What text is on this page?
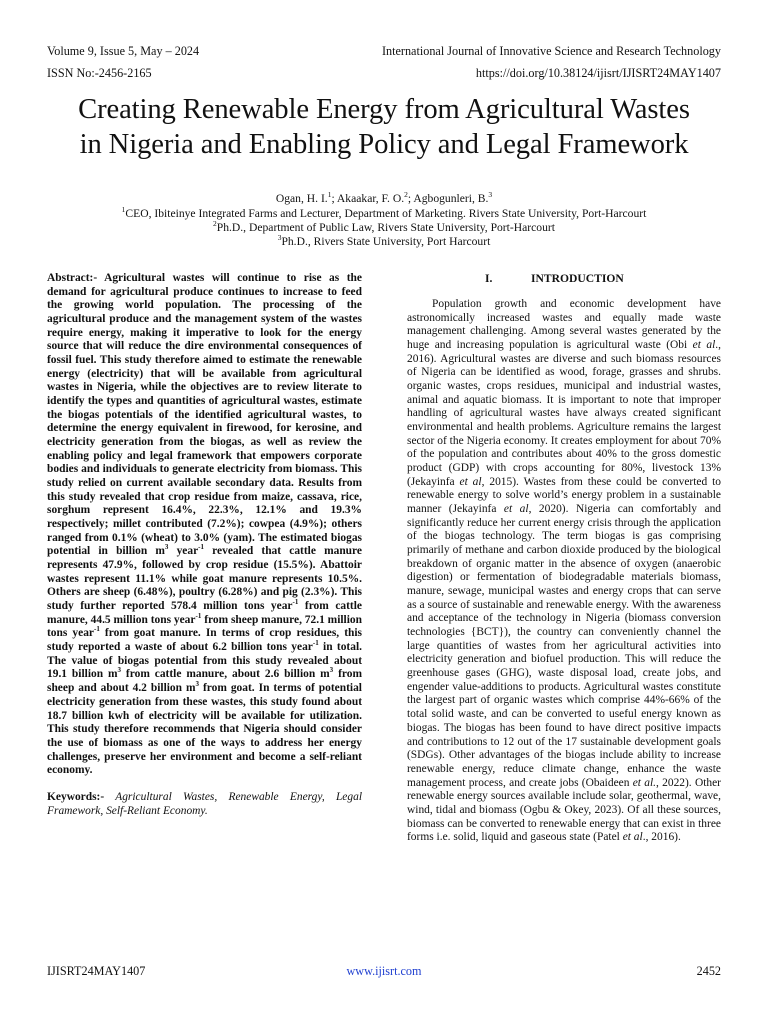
Volume 9, Issue 5, May – 2024	International Journal of Innovative Science and Research Technology
ISSN No:-2456-2165	https://doi.org/10.38124/ijisrt/IJISRT24MAY1407
Creating Renewable Energy from Agricultural Wastes
in Nigeria and Enabling Policy and Legal Framework
Ogan, H. I.$^1$; Akaakar, F. O.$^2$; Agbogunleri, B.$^3$
$^1$CEO, Ibiteinye Integrated Farms and Lecturer, Department of Marketing. Rivers State University, Port-Harcourt
$^2$Ph.D., Department of Public Law, Rivers State University, Port-Harcourt
$^3$Ph.D., Rivers State University, Port Harcourt

Abstract:- Agricultural wastes will continue to rise as the demand for agricultural produce continues to increase to feed the growing world population. The processing of the agricultural produce and the management system of the wastes require energy, making it imperative to look for the energy source that will reduce the dire environmental consequences of fossil fuel. This study therefore aimed to estimate the renewable energy (electricity) that will be available from agricultural wastes in Nigeria, while the objectives are to review literate to identify the types and quantities of agricultural wastes, estimate the biogas potentials of the identified agricultural wastes, to determine the energy equivalent in firewood, for kerosine, and electricity generation from the biogas, as well as review the enabling policy and legal framework that empowers corporate bodies and individuals to generate electricity from biomass. This study relied on current available secondary data. Results from this study revealed that crop residue from maize, cassava, rice, sorghum represent 16.4%, 22.3%, 12.1% and 19.3% respectively; millet contributed (7.2%); cowpea (4.9%); others ranged from 0.1% (wheat) to 3.0% (yam). The estimated biogas potential in billion $m^3$ year$^{-1}$ revealed that cattle manure represents 47.9%, followed by crop residue (15.5%). Abattoir wastes represent 11.1% while goat manure represents 10.5%. Others are sheep (6.48%), poultry (6.28%) and pig (2.3%). This study further reported 578.4 million tons year$^{-1}$ from cattle manure, 44.5 million tons year$^{-1}$ from sheep manure, 72.1 million tons year$^{-1}$ from goat manure. In terms of crop residues, this study reported a waste of about 6.2 billion tons year$^{-1}$ in total. The value of biogas potential from this study revealed about 19.1 billion $m^3$ from cattle manure, about 2.6 billion $m^3$ from sheep and about 4.2 billion $m^3$ from goat. In terms of potential electricity generation from these wastes, this study found about 18.7 billion kwh of electricity will be available for utilization. This study therefore recommends that Nigeria should consider the use of biomass as one of the ways to address her energy challenges, preserve her environment and become a self-reliant economy.

Keywords:- Agricultural Wastes, Renewable Energy, Legal Framework, Self-Reliant Economy.

I.	INTRODUCTION

Population growth and economic development have astronomically increased wastes and equally made waste management challenging. Among several wastes generated by the huge and increasing population is agricultural waste (Obi et al., 2016). Agricultural wastes are diverse and such biomass resources of Nigeria can be identified as wood, forage, grasses and shrubs. organic wastes, crops residues, municipal and industrial wastes, animal and aquatic biomass. It is important to note that improper handling of agricultural wastes have always created significant environmental and health problems. Agriculture remains the largest sector of the Nigeria economy. It creates employment for about 70% of the population and contributes about 40% to the gross domestic product (GDP) with crops accounting for 80%, livestock 13% (Jekayinfa et al, 2015). Wastes from these could be converted to renewable energy to solve world’s energy problem in a sustainable manner (Jekayinfa et al, 2020). Nigeria can comfortably and significantly reduce her current energy crisis through the application of the biogas technology. The term biogas is gas comprising primarily of methane and carbon dioxide produced by the biological breakdown of organic matter in the absence of oxygen (anaerobic digestion) or fermentation of biodegradable materials biomass, manure, sewage, municipal wastes and energy crops that can serve as a source of sustainable and renewable energy. With the awareness and acceptance of the technology in Nigeria (biomass conversion technologies {BCT}), the country can conveniently channel the large quantities of wastes from her agricultural activities into electricity generation and biofuel production. This will reduce the greenhouse gases (GHG), waste disposal load, create jobs, and engender value-additions to products. Agricultural wastes constitute the largest part of organic wastes which comprise 44%-66% of the total solid waste, and can be converted to useful energy known as biogas. The biogas has been found to have direct positive impacts and contributions to 12 out of the 17 sustainable development goals (SDGs). Other advantages of the biogas include ability to increase renewable energy, reduce climate change, enhance the waste management process, and create jobs (Obaideen et al., 2022). Other renewable energy sources available include solar, geothermal, wave, wind, tidal and biomass (Ogbu & Okey, 2023). Of all these sources, biomass can be converted to renewable energy that can exist in three forms i.e. solid, liquid and gaseous state (Patel et al., 2016).

IJISRT24MAY1407	www.ijisrt.com	2452
